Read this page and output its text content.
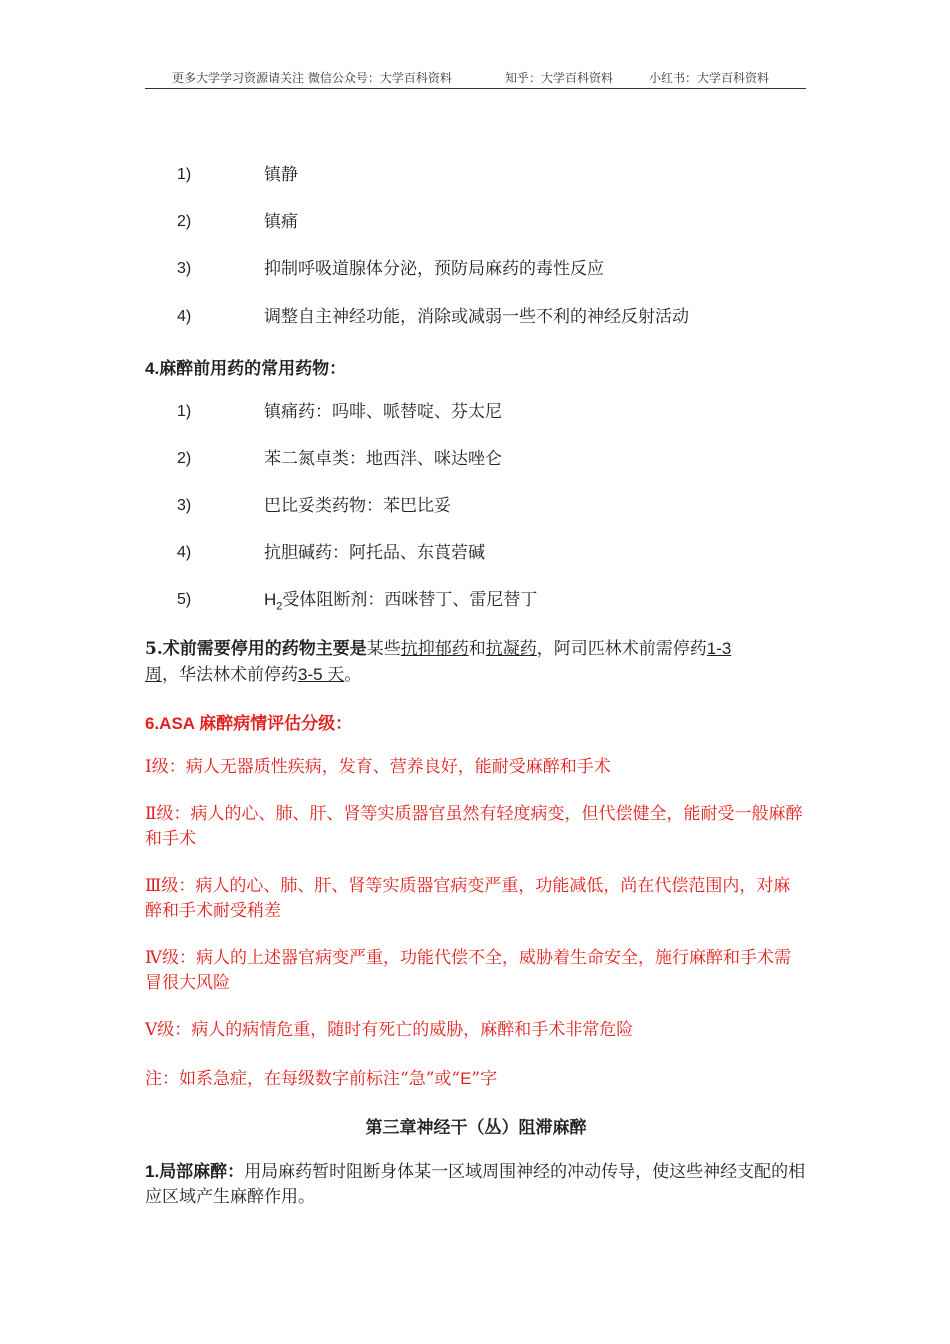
更多大学学习资源请关注 微信公众号：大学百科资料	知乎：大学百科资料	小红书：大学百科资料
1)	镇静
2)	镇痛
3)	抑制呼吸道腺体分泌，预防局麻药的毒性反应
4)	调整自主神经功能，消除或减弱一些不利的神经反射活动
4.麻醉前用药的常用药物：
1)	镇痛药：吗啡、哌替啶、芬太尼
2)	苯二氮卓类：地西泮、咪达唑仑
3)	巴比妥类药物：苯巴比妥
4)	抗胆碱药：阿托品、东莨菪碱
5)	$H_2$受体阻断剂：西咪替丁、雷尼替丁
5.术前需要停用的药物主要是某些抗抑郁药和抗凝药，阿司匹林术前需停药1-3
周，华法林术前停药3-5 天。
6.ASA 麻醉病情评估分级：
Ⅰ级：病人无器质性疾病，发育、营养良好，能耐受麻醉和手术
Ⅱ级：病人的心、肺、肝、肾等实质器官虽然有轻度病变，但代偿健全，能耐受一般麻醉和手术
Ⅲ级：病人的心、肺、肝、肾等实质器官病变严重，功能减低，尚在代偿范围内，对麻醉和手术耐受稍差
Ⅳ级：病人的上述器官病变严重，功能代偿不全，威胁着生命安全，施行麻醉和手术需冒很大风险
Ⅴ级：病人的病情危重，随时有死亡的威胁，麻醉和手术非常危险
注：如系急症，在每级数字前标注“急”或“E”字
第三章神经干（丛）阻滞麻醉
1.局部麻醉：用局麻药暂时阻断身体某一区域周围神经的冲动传导，使这些神经支配的相应区域产生麻醉作用。
